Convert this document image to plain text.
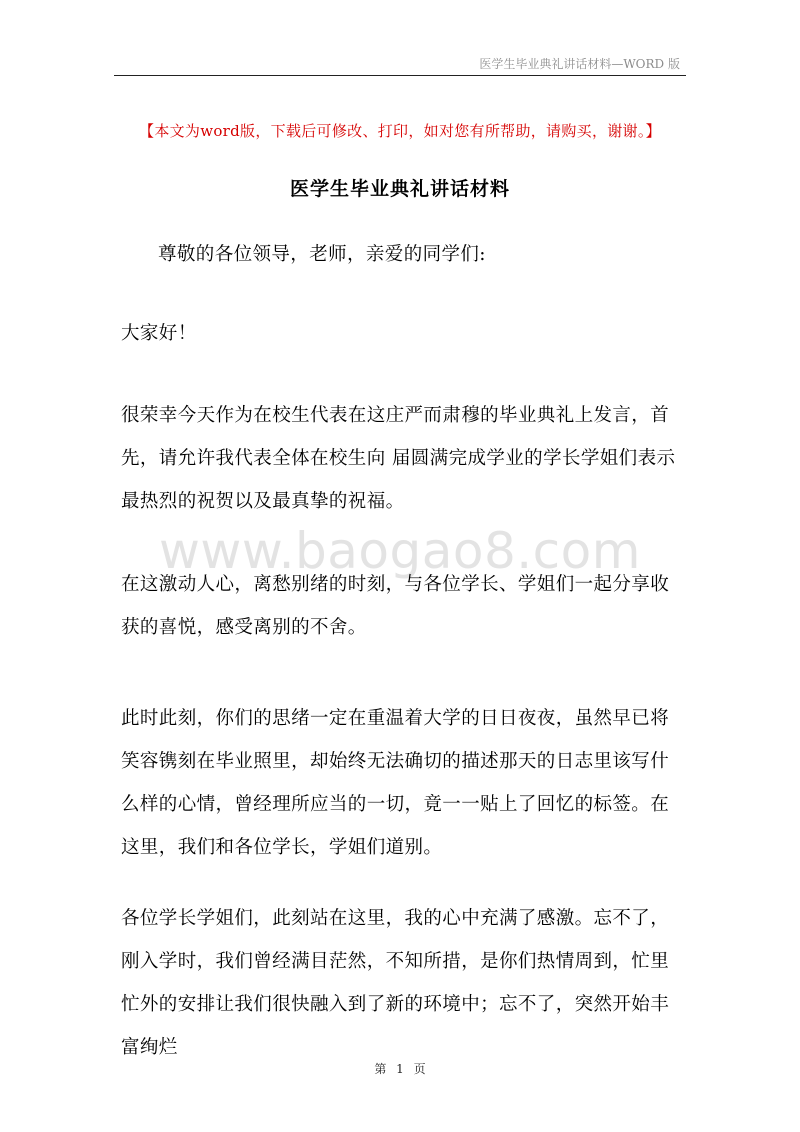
医学生毕业典礼讲话材料—WORD 版
【本文为word版，下载后可修改、打印，如对您有所帮助，请购买，谢谢。】
医学生毕业典礼讲话材料

尊敬的各位领导，老师，亲爱的同学们:

大家好！

很荣幸今天作为在校生代表在这庄严而肃穆的毕业典礼上发言，首先，请允许我代表全体在校生向 届圆满完成学业的学长学姐们表示最热烈的祝贺以及最真挚的祝福。

www.baogao8.com

在这激动人心，离愁别绪的时刻，与各位学长、学姐们一起分享收获的喜悦，感受离别的不舍。

此时此刻，你们的思绪一定在重温着大学的日日夜夜，虽然早已将笑容镌刻在毕业照里，却始终无法确切的描述那天的日志里该写什么样的心情，曾经理所应当的一切，竟一一贴上了回忆的标签。在这里，我们和各位学长，学姐们道别。

各位学长学姐们，此刻站在这里，我的心中充满了感激。忘不了，刚入学时，我们曾经满目茫然，不知所措，是你们热情周到，忙里忙外的安排让我们很快融入到了新的环境中；忘不了，突然开始丰富绚烂

第 1 页
